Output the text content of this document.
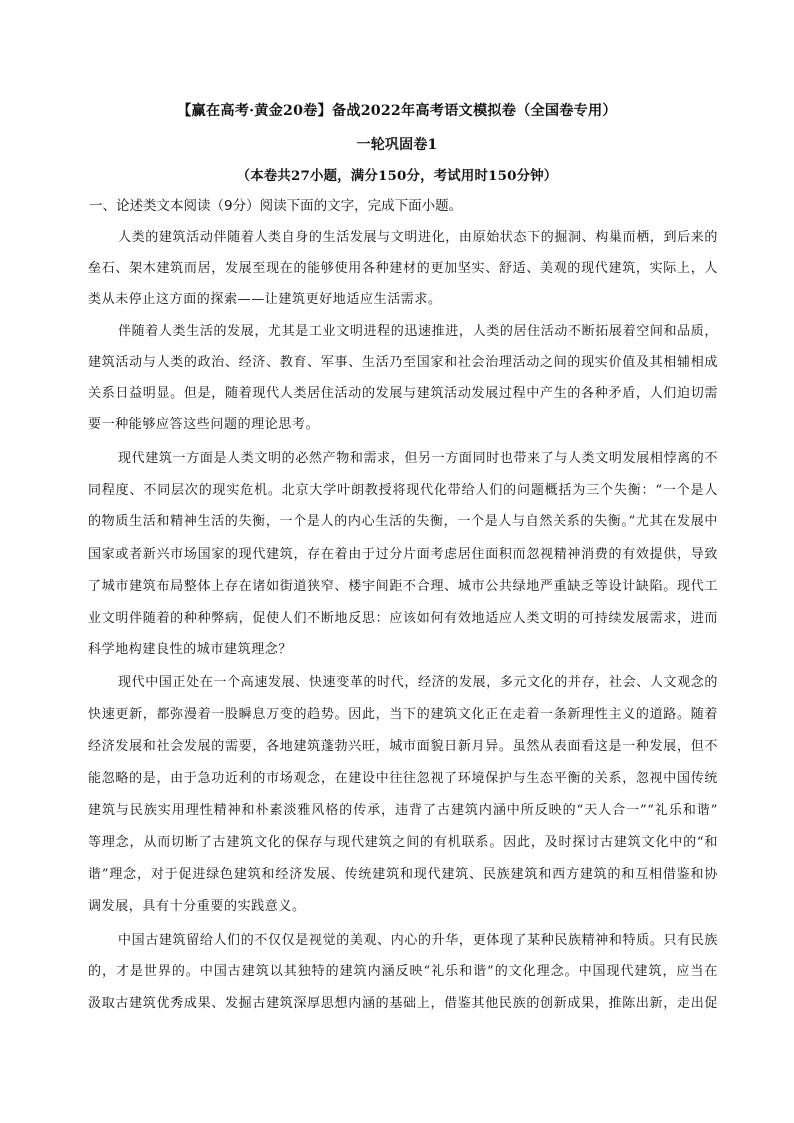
【赢在高考·黄金20卷】备战2022年高考语文模拟卷（全国卷专用）
一轮巩固卷1
（本卷共27小题，满分150分，考试用时150分钟）
一、论述类文本阅读（9分）阅读下面的文字，完成下面小题。
人类的建筑活动伴随着人类自身的生活发展与文明进化，由原始状态下的掘洞、构巢而栖，到后来的
垒石、架木建筑而居，发展至现在的能够使用各种建材的更加坚实、舒适、美观的现代建筑，实际上，人
类从未停止这方面的探索——让建筑更好地适应生活需求。
伴随着人类生活的发展，尤其是工业文明进程的迅速推进，人类的居住活动不断拓展着空间和品质，
建筑活动与人类的政治、经济、教育、军事、生活乃至国家和社会治理活动之间的现实价值及其相辅相成
关系日益明显。但是，随着现代人类居住活动的发展与建筑活动发展过程中产生的各种矛盾，人们迫切需
要一种能够应答这些问题的理论思考。
现代建筑一方面是人类文明的必然产物和需求，但另一方面同时也带来了与人类文明发展相悖离的不
同程度、不同层次的现实危机。北京大学叶朗教授将现代化带给人们的问题概括为三个失衡：“一个是人
的物质生活和精神生活的失衡，一个是人的内心生活的失衡，一个是人与自然关系的失衡。”尤其在发展中
国家或者新兴市场国家的现代建筑，存在着由于过分片面考虑居住面积而忽视精神消费的有效提供，导致
了城市建筑布局整体上存在诸如街道狭窄、楼宇间距不合理、城市公共绿地严重缺乏等设计缺陷。现代工
业文明伴随着的种种弊病，促使人们不断地反思：应该如何有效地适应人类文明的可持续发展需求，进而
科学地构建良性的城市建筑理念？
现代中国正处在一个高速发展、快速变革的时代，经济的发展，多元文化的并存，社会、人文观念的
快速更新，都弥漫着一股瞬息万变的趋势。因此，当下的建筑文化正在走着一条新理性主义的道路。随着
经济发展和社会发展的需要，各地建筑蓬勃兴旺，城市面貌日新月异。虽然从表面看这是一种发展，但不
能忽略的是，由于急功近利的市场观念，在建设中往往忽视了环境保护与生态平衡的关系，忽视中国传统
建筑与民族实用理性精神和朴素淡雅风格的传承，违背了古建筑内涵中所反映的“天人合一”“礼乐和谐”
等理念，从而切断了古建筑文化的保存与现代建筑之间的有机联系。因此，及时探讨古建筑文化中的“和
谐”理念，对于促进绿色建筑和经济发展、传统建筑和现代建筑、民族建筑和西方建筑的和互相借鉴和协
调发展，具有十分重要的实践意义。
中国古建筑留给人们的不仅仅是视觉的美观、内心的升华，更体现了某种民族精神和特质。只有民族
的，才是世界的。中国古建筑以其独特的建筑内涵反映“礼乐和谐”的文化理念。中国现代建筑，应当在
汲取古建筑优秀成果、发掘古建筑深厚思想内涵的基础上，借鉴其他民族的创新成果，推陈出新，走出促
